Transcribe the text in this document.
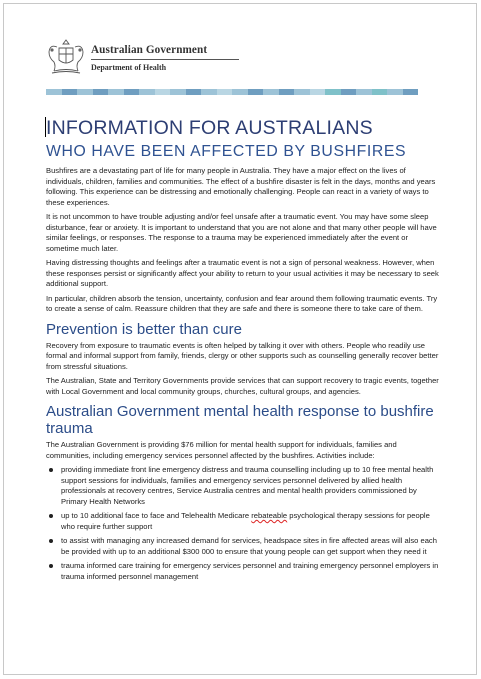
Australian Government
Department of Health
INFORMATION FOR AUSTRALIANS
WHO HAVE BEEN AFFECTED BY BUSHFIRES

Bushfires are a devastating part of life for many people in Australia. They have a major effect on the lives of individuals, children, families and communities. The effect of a bushfire disaster is felt in the days, months and years following. This experience can be distressing and emotionally challenging. People can react in a variety of ways to these experiences.

It is not uncommon to have trouble adjusting and/or feel unsafe after a traumatic event. You may have some sleep disturbance, fear or anxiety. It is important to understand that you are not alone and that many other people will have similar feelings, or responses. The response to a trauma may be experienced immediately after the event or sometime much later.

Having distressing thoughts and feelings after a traumatic event is not a sign of personal weakness. However, when these responses persist or significantly affect your ability to return to your usual activities it may be necessary to seek additional support.

In particular, children absorb the tension, uncertainty, confusion and fear around them following traumatic events. Try to create a sense of calm. Reassure children that they are safe and there is someone there to take care of them.

Prevention is better than cure

Recovery from exposure to traumatic events is often helped by talking it over with others. People who readily use formal and informal support from family, friends, clergy or other supports such as counselling generally recover better from stressful situations.

The Australian, State and Territory Governments provide services that can support recovery to tragic events, together with Local Government and local community groups, churches, cultural groups, and agencies.

Australian Government mental health response to bushfire trauma

The Australian Government is providing $76 million for mental health support for individuals, families and communities, including emergency services personnel affected by the bushfires. Activities include:

providing immediate front line emergency distress and trauma counselling including up to 10 free mental health support sessions for individuals, families and emergency services personnel delivered by allied health professionals at recovery centres, Service Australia centres and mental health providers commissioned by Primary Health Networks
up to 10 additional face to face and Telehealth Medicare rebateable psychological therapy sessions for people who require further support
to assist with managing any increased demand for services, headspace sites in fire affected areas will also each be provided with up to an additional $300 000 to ensure that young people can get support when they need it
trauma informed care training for emergency services personnel and training emergency personnel employers in trauma informed personnel management
